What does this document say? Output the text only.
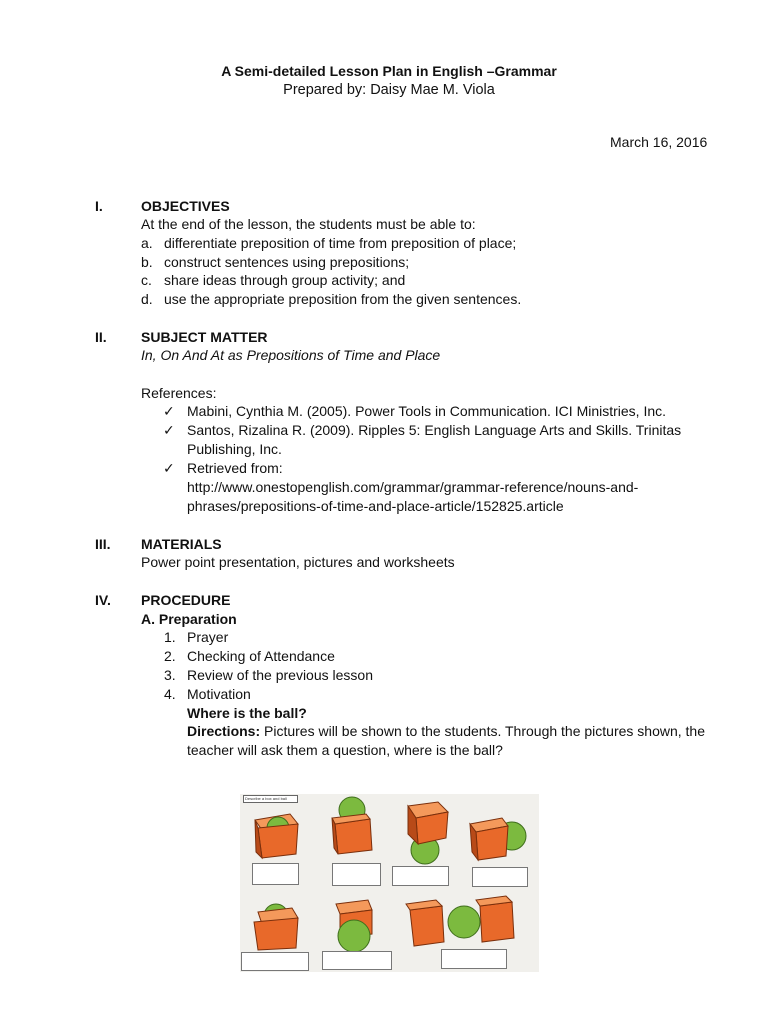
A Semi-detailed Lesson Plan in English –Grammar
Prepared by: Daisy Mae M. Viola
March 16, 2016
I.	OBJECTIVES
At the end of the lesson, the students must be able to:
a. differentiate preposition of time from preposition of place;
b. construct sentences using prepositions;
c. share ideas through group activity; and
d. use the appropriate preposition from the given sentences.
II. SUBJECT MATTER
In, On And At as Prepositions of Time and Place
References:
✓ Mabini, Cynthia M. (2005). Power Tools in Communication. ICI Ministries, Inc.
✓ Santos, Rizalina R. (2009). Ripples 5: English Language Arts and Skills. Trinitas
Publishing, Inc.
✓ Retrieved from:
http://www.onestopenglish.com/grammar/grammar-reference/nouns-and-
phrases/prepositions-of-time-and-place-article/152825.article
III. MATERIALS
Power point presentation, pictures and worksheets
IV. PROCEDURE
A. Preparation
1. Prayer
2. Checking of Attendance
3. Review of the previous lesson
4. Motivation
Where is the ball?
Directions: Pictures will be shown to the students. Through the pictures shown, the
teacher will ask them a question, where is the ball?
Describe a box and ball
